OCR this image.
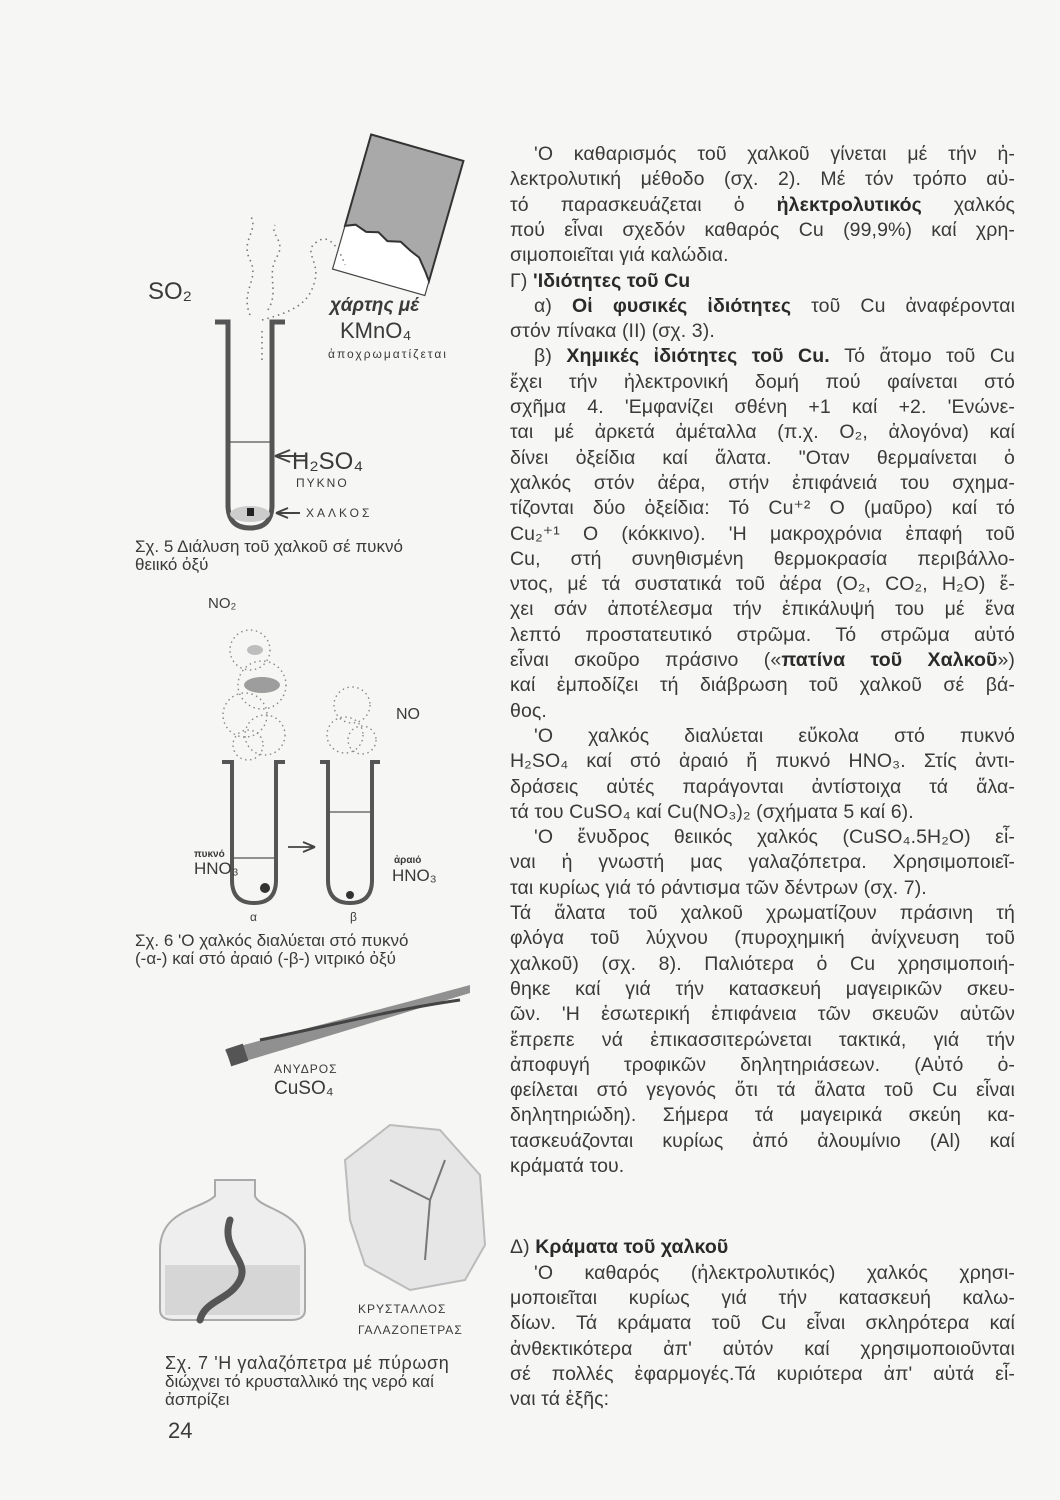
SO₂
χάρτης μέ
KMnO₄
ἀποχρωματίζεται
H₂SO₄
ΠΥΚΝΟ
ΧΑΛΚΟΣ
Σχ. 5 Διάλυση τοῦ χαλκοῦ σέ πυκνό
θειικό ὀξύ
NO₂
NO
πυκνό
HNO₃	ἀραιό
HNO₃
α	β
Σχ. 6 'Ο χαλκός διαλύεται στό πυκνό
(-α-) καί στό ἀραιό (-β-) νιτρικό ὀξύ
ΑΝΥΔΡΟΣ
CuSO₄
ΚΡΥΣΤΑΛΛΟΣ
ΓΑΛΑΖΟΠΕΤΡΑΣ
Σχ. 7 'Η γαλαζόπετρα μέ πύρωση
διώχνει τό κρυσταλλικό της νερό καί
ἀσπρίζει
24
'Ο καθαρισμός τοῦ χαλκοῦ γίνεται μέ τήν ἠ-
λεκτρολυτική μέθοδο (σχ. 2). Μέ τόν τρόπο αὐ-
τό παρασκευάζεται ὁ ἠλεκτρολυτικός χαλκός
πού εἶναι σχεδόν καθαρός Cu (99,9%) καί χρη-
σιμοποιεῖται γιά καλώδια.
Γ) 'Ιδιότητες τοῦ Cu
α) Οἱ φυσικές ἰδιότητες τοῦ Cu ἀναφέρονται
στόν πίνακα (ΙΙ) (σχ. 3).
β) Χημικές ἰδιότητες τοῦ Cu. Τό ἄτομο τοῦ Cu
ἔχει τήν ἠλεκτρονική δομή πού φαίνεται στό
σχῆμα 4. 'Εμφανίζει σθένη +1 καί +2. 'Ενώνε-
ται μέ ἀρκετά ἀμέταλλα (π.χ. O₂, ἀλογόνα) καί
δίνει ὀξείδια καί ἅλατα. "Οταν θερμαίνεται ὁ
χαλκός στόν ἀέρα, στήν ἐπιφάνειά του σχημα-
τίζονται δύο ὀξείδια: Τό Cu⁺² O (μαῦρο) καί τό
Cu₂⁺¹ O (κόκκινο). 'Η μακροχρόνια ἐπαφή τοῦ
Cu, στή συνηθισμένη θερμοκρασία περιβάλλο-
ντος, μέ τά συστατικά τοῦ ἀέρα (O₂, CO₂, H₂O) ἔ-
χει σάν ἀποτέλεσμα τήν ἐπικάλυψή του μέ ἕνα
λεπτό προστατευτικό στρῶμα. Τό στρῶμα αὐτό
εἶναι σκοῦρο πράσινο («πατίνα τοῦ Χαλκοῦ»)
καί ἐμποδίζει τή διάβρωση τοῦ χαλκοῦ σέ βά-
θος.
'Ο χαλκός διαλύεται εὔκολα στό πυκνό
H₂SO₄ καί στό ἀραιό ἤ πυκνό HNO₃. Στίς ἀντι-
δράσεις αὐτές παράγονται ἀντίστοιχα τά ἅλα-
τά του CuSO₄ καί Cu(NO₃)₂ (σχήματα 5 καί 6).
'Ο ἔνυδρος θειικός χαλκός (CuSO₄.5H₂O) εἶ-
ναι ἡ γνωστή μας γαλαζόπετρα. Χρησιμοποιεῖ-
ται κυρίως γιά τό ράντισμα τῶν δέντρων (σχ. 7).
Τά ἅλατα τοῦ χαλκοῦ χρωματίζουν πράσινη τή
φλόγα τοῦ λύχνου (πυροχημική ἀνίχνευση τοῦ
χαλκοῦ) (σχ. 8). Παλιότερα ὁ Cu χρησιμοποιή-
θηκε καί γιά τήν κατασκευή μαγειρικῶν σκευ-
ῶν. 'Η ἐσωτερική ἐπιφάνεια τῶν σκευῶν αὐτῶν
ἔπρεπε νά ἐπικασσιτερώνεται τακτικά, γιά τήν
ἀποφυγή τροφικῶν δηλητηριάσεων. (Αὐτό ὀ-
φείλεται στό γεγονός ὅτι τά ἅλατα τοῦ Cu εἶναι
δηλητηριώδη). Σήμερα τά μαγειρικά σκεύη κα-
τασκευάζονται κυρίως ἀπό ἀλουμίνιο (Al) καί
κράματά του.
Δ) Κράματα τοῦ χαλκοῦ
'Ο καθαρός (ἠλεκτρολυτικός) χαλκός χρησι-
μοποιεῖται κυρίως γιά τήν κατασκευή καλω-
δίων. Τά κράματα τοῦ Cu εἶναι σκληρότερα καί
ἀνθεκτικότερα ἀπ' αὐτόν καί χρησιμοποιοῦνται
σέ πολλές ἐφαρμογές.Τά κυριότερα ἀπ' αὐτά εἶ-
ναι τά ἑξῆς:
